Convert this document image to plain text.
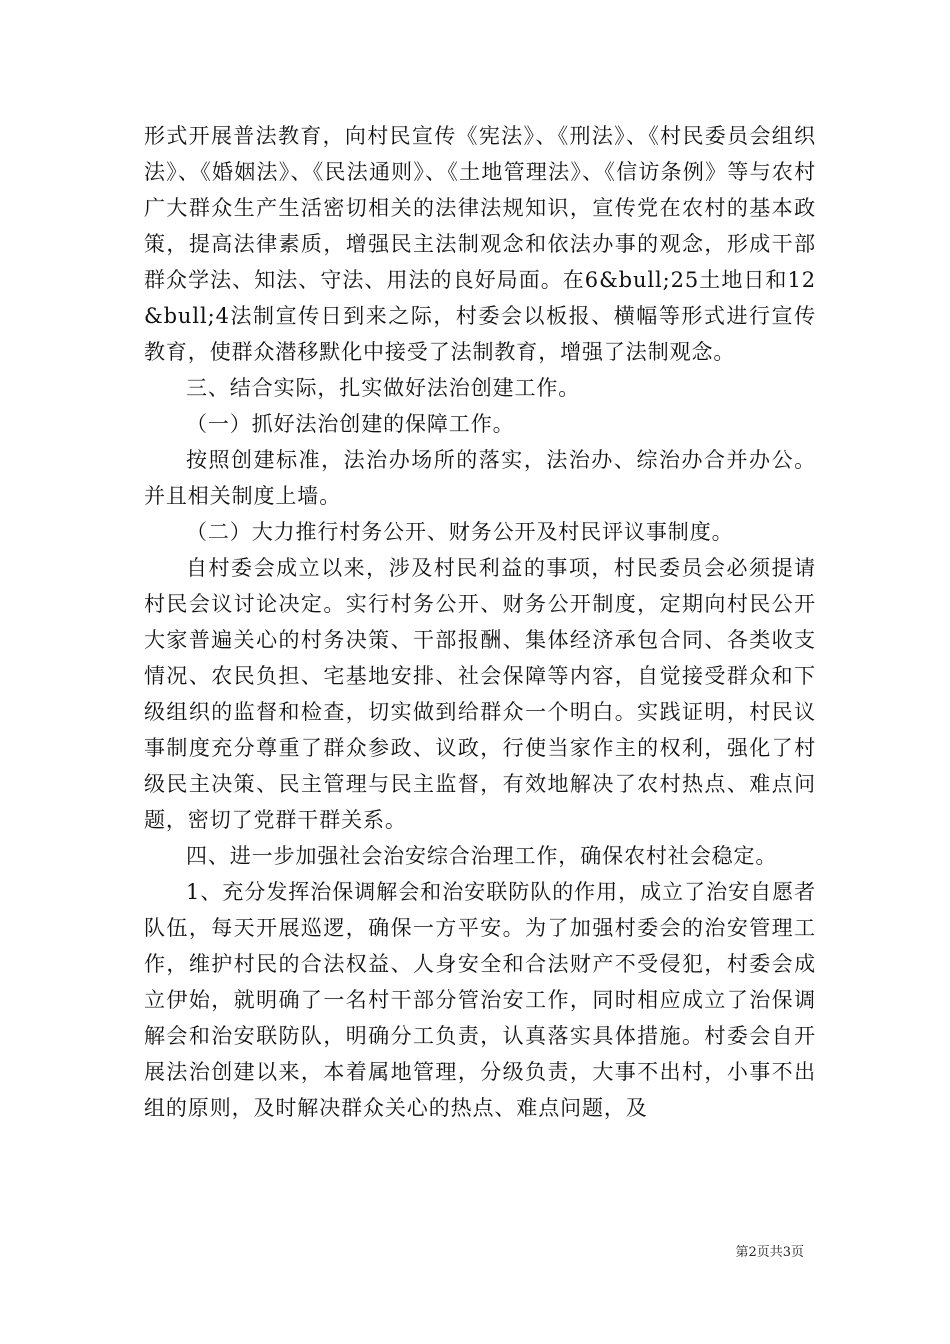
形式开展普法教育，向村民宣传《宪法》、《刑法》、《村民委员会组织法》、《婚姻法》、《民法通则》、《土地管理法》、《信访条例》等与农村广大群众生产生活密切相关的法律法规知识，宣传党在农村的基本政策，提高法律素质，增强民主法制观念和依法办事的观念，形成干部群众学法、知法、守法、用法的良好局面。在6&bull;25土地日和12&bull;4法制宣传日到来之际，村委会以板报、横幅等形式进行宣传教育，使群众潜移默化中接受了法制教育，增强了法制观念。

三、结合实际，扎实做好法治创建工作。

（一）抓好法治创建的保障工作。

按照创建标准，法治办场所的落实，法治办、综治办合并办公。并且相关制度上墙。

（二）大力推行村务公开、财务公开及村民评议事制度。

自村委会成立以来，涉及村民利益的事项，村民委员会必须提请村民会议讨论决定。实行村务公开、财务公开制度，定期向村民公开大家普遍关心的村务决策、干部报酬、集体经济承包合同、各类收支情况、农民负担、宅基地安排、社会保障等内容，自觉接受群众和下级组织的监督和检查，切实做到给群众一个明白。实践证明，村民议事制度充分尊重了群众参政、议政，行使当家作主的权利，强化了村级民主决策、民主管理与民主监督，有效地解决了农村热点、难点问题，密切了党群干群关系。

四、进一步加强社会治安综合治理工作，确保农村社会稳定。

1、充分发挥治保调解会和治安联防队的作用，成立了治安自愿者队伍，每天开展巡逻，确保一方平安。为了加强村委会的治安管理工作，维护村民的合法权益、人身安全和合法财产不受侵犯，村委会成立伊始，就明确了一名村干部分管治安工作，同时相应成立了治保调解会和治安联防队，明确分工负责，认真落实具体措施。村委会自开展法治创建以来，本着属地管理，分级负责，大事不出村，小事不出组的原则，及时解决群众关心的热点、难点问题，及

第2页共3页
